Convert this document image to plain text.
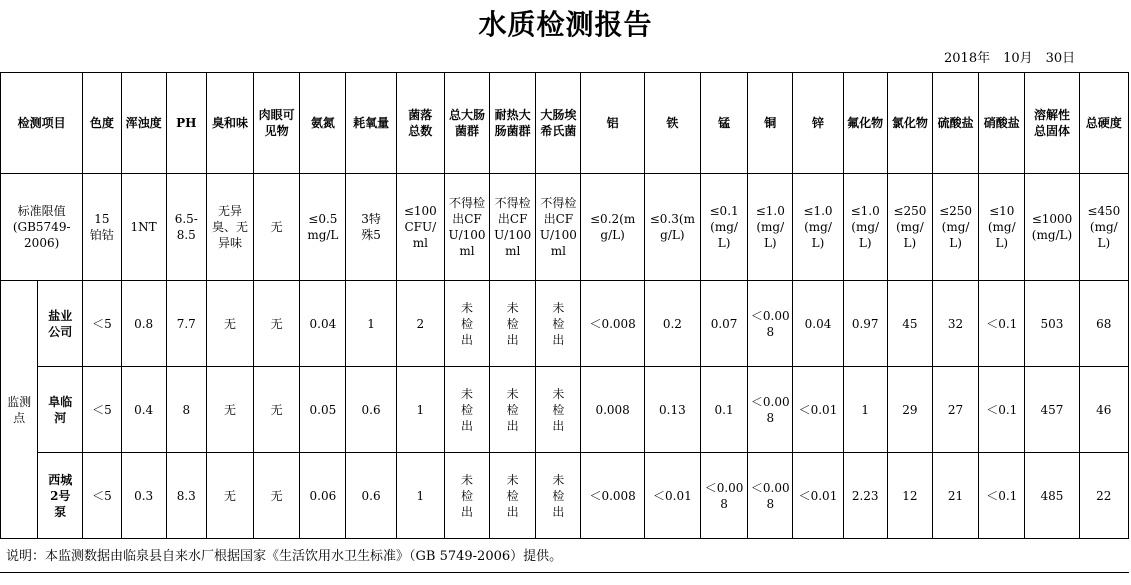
水质检测报告
2018年　10月　30日
检测项目		色度	浑浊度	PH	臭和味	肉眼可见物	氨氮	耗氧量	菌落总数	总大肠菌群	耐热大肠菌群	大肠埃希氏菌	铝	铁	锰	铜	锌	氟化物	氯化物	硫酸盐	硝酸盐	溶解性总固体	总硬度
标准限值(GB5749-2006)		15铂钴	1NT	6.5-8.5	无异臭、无异味	无	≤0.5mg/L	3特殊5	≤100CFU/ml	不得检出CFU/100ml	不得检出CFU/100ml	不得检出CFU/100ml	≤0.2(mg/L)	≤0.3(mg/L)	≤0.1(mg/L)	≤1.0(mg/L)	≤1.0(mg/L)	≤1.0(mg/L)	≤250(mg/L)	≤250(mg/L)	≤10(mg/L)	≤1000(mg/L)	≤450(mg/L)
监测点	盐业公司	＜5	0.8	7.7	无	无	0.04	1	2	未检出	未检出	未检出	＜0.008	0.2	0.07	＜0.008	0.04	0.97	45	32	＜0.1	503	68
	阜临河	＜5	0.4	8	无	无	0.05	0.6	1	未检出	未检出	未检出	0.008	0.13	0.1	＜0.008	＜0.01	1	29	27	＜0.1	457	46
	西城2号泵	＜5	0.3	8.3	无	无	0.06	0.6	1	未检出	未检出	未检出	＜0.008	＜0.01	＜0.008	＜0.008	＜0.01	2.23	12	21	＜0.1	485	22
说明：本监测数据由临泉县自来水厂根据国家《生活饮用水卫生标准》（GB 5749-2006）提供。
